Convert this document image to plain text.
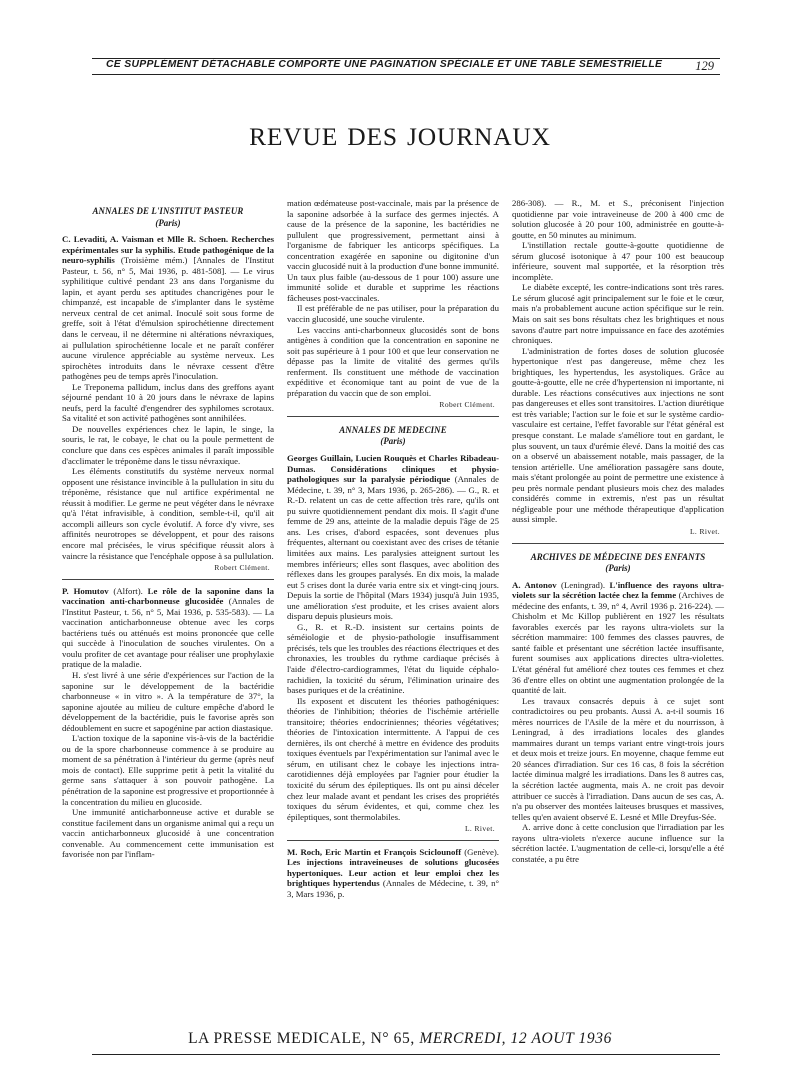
CE SUPPLÉMENT DÉTACHABLE COMPORTE UNE PAGINATION SPÉCIALE ET UNE TABLE SEMESTRIELLE	129
REVUE DES JOURNAUX
ANNALES DE L'INSTITUT PASTEUR
(Paris)

C. Levaditi, A. Vaisman et Mlle R. Schoen. Recherches expérimentales sur la syphilis. Etude pathogénique de la neuro-syphilis (Troisième mém.) [Annales de l'Institut Pasteur, t. 56, n° 5, Mai 1936, p. 481-508]. — Le virus syphilitique cultivé pendant 23 ans dans l'organisme du lapin, et ayant perdu ses aptitudes chancrigènes pour le chimpanzé, est incapable de s'implanter dans le système nerveux central de cet animal. Inoculé soit sous forme de greffe, soit à l'état d'émulsion spirochétienne directement dans le cerveau, il ne détermine ni altérations névraxiques, ai pullulation spirochétienne locale et ne paraît conférer aucune virulence appréciable au système nerveux. Les spirochètes introduits dans le névraxe cessent d'être pathogènes peu de temps après l'inoculation.

Le Treponema pallidum, inclus dans des greffons ayant séjourné pendant 10 à 20 jours dans le névraxe de lapins neufs, perd la faculté d'engendrer des syphilomes scrotaux. Sa vitalité et son activité pathogènes sont annihilées.

De nouvelles expériences chez le lapin, le singe, la souris, le rat, le cobaye, le chat ou la poule permettent de conclure que dans ces espèces animales il paraît impossible d'acclimater le tréponème dans le tissu névraxique.

Les éléments constitutifs du système nerveux normal opposent une résistance invincible à la pullulation in situ du tréponème, résistance que nul artifice expérimental ne réussit à modifier. Le germe ne peut végéter dans le névraxe qu'à l'état infravisible, à condition, semble-t-il, qu'il ait accompli ailleurs son cycle évolutif. A force d'y vivre, ses affinités neurotropes se développent, et pour des raisons encore mal précisées, le virus spécifique réussit alors à vaincre la résistance que l'encéphale oppose à sa pullulation.

Robert Clément.

P. Homutov (Alfort). Le rôle de la saponine dans la vaccination anti-charbonneuse glucosidée (Annales de l'Institut Pasteur, t. 56, n° 5, Mai 1936, p. 535-583). — La vaccination anticharbonneuse obtenue avec les corps bactériens tués ou atténués est moins prononcée que celle qui succède à l'inoculation de souches virulentes. On a voulu profiter de cet avantage pour réaliser une prophylaxie pratique de la maladie.

H. s'est livré à une série d'expériences sur l'action de la saponine sur le développement de la bactéridie charbonneuse « in vitro ». A la température de 37°, la saponine ajoutée au milieu de culture empêche d'abord le développement de la bactéridie, puis le favorise après son dédoublement en sucre et sapogénine par action diastasique.

L'action toxique de la saponine vis-à-vis de la bactéridie ou de la spore charbonneuse commence à se produire au moment de sa pénétration à l'intérieur du germe (après neuf mois de contact). Elle supprime petit à petit la vitalité du germe sans s'attaquer à son pouvoir pathogène. La pénétration de la saponine est progressive et proportionnée à la concentration du milieu en glucoside.

Une immunité anticharbonneuse active et durable se constitue facilement dans un organisme animal qui a reçu un vaccin anticharbonneux glucosidé à une concentration convenable. Au commencement cette immunisation est favorisée non par l'inflam-

mation œdémateuse post-vaccinale, mais par la présence de la saponine adsorbée à la surface des germes injectés. A cause de la présence de la saponine, les bactéridies ne pullulent que progressivement, permettant ainsi à l'organisme de fabriquer les anticorps spécifiques. La concentration exagérée en saponine ou digitonine d'un vaccin glucosidé nuit à la production d'une bonne immunité. Un taux plus faible (au-dessous de 1 pour 100) assure une immunité solide et durable et supprime les réactions fâcheuses post-vaccinales.

Il est préférable de ne pas utiliser, pour la préparation du vaccin glucosidé, une souche virulente.

Les vaccins anti-charbonneux glucosidés sont de bons antigènes à condition que la concentration en saponine ne soit pas supérieure à 1 pour 100 et que leur conservation ne dépasse pas la limite de vitalité des germes qu'ils renferment. Ils constituent une méthode de vaccination expéditive et économique tant au point de vue de la préparation du vaccin que de son emploi.

Robert Clément.
ANNALES DE MEDECINE
(Paris)

Georges Guillain, Lucien Rouquès et Charles Ribadeau-Dumas. Considérations cliniques et physio-pathologiques sur la paralysie périodique (Annales de Médecine, t. 39, n° 3, Mars 1936, p. 265-286). — G., R. et R.-D. relatent un cas de cette affection très rare, qu'ils ont pu suivre quotidiennement pendant dix mois. Il s'agit d'une femme de 29 ans, atteinte de la maladie depuis l'âge de 25 ans. Les crises, d'abord espacées, sont devenues plus fréquentes, alternant ou coexistant avec des crises de tétanie limitées aux mains. Les paralysies atteignent surtout les membres inférieurs; elles sont flasques, avec abolition des réflexes dans les groupes paralysés. En dix mois, la malade eut 5 crises dont la durée varia entre six et vingt-cinq jours. Depuis la sortie de l'hôpital (Mars 1934) jusqu'à Juin 1935, une amélioration s'est produite, et les crises avaient alors disparu depuis plusieurs mois.

G., R. et R.-D. insistent sur certains points de séméiologie et de physio-pathologie insuffisamment précisés, tels que les troubles des réactions électriques et des chronaxies, les troubles du rythme cardiaque précisés à l'aide d'électro-cardiogrammes, l'état du liquide céphalo-rachidien, la toxicité du sérum, l'élimination urinaire des bases puriques et de la créatinine.

Ils exposent et discutent les théories pathogéniques: théories de l'inhibition; théories de l'ischémie artérielle transitoire; théories endocriniennes; théories végétatives; théories de l'intoxication intermittente. A l'appui de ces dernières, ils ont cherché à mettre en évidence des produits toxiques éventuels par l'expérimentation sur l'animal avec le sérum, en utilisant chez le cobaye les injections intra-carotidiennes déjà employées par l'agnier pour étudier la toxicité du sérum des épileptiques. Ils ont pu ainsi déceler chez leur malade avant et pendant les crises des propriétés toxiques du sérum évidentes, et qui, comme chez les épileptiques, sont thermolabiles.

L. Rivet.

M. Roch, Eric Martin et François Sciclounoff (Genève). Les injections intraveineuses de solutions glucosées hypertoniques. Leur action et leur emploi chez les brightiques hypertendus (Annales de Médecine, t. 39, n° 3, Mars 1936, p.

286-308). — R., M. et S., préconisent l'injection quotidienne par voie intraveineuse de 200 à 400 cmc de solution glucosée à 20 pour 100, administrée en goutte-à-goutte, en 50 minutes au minimum.

L'instillation rectale goutte-à-goutte quotidienne de sérum glucosé isotonique à 47 pour 100 est beaucoup inférieure, souvent mal supportée, et la résorption très incomplète.

Le diabète excepté, les contre-indications sont très rares. Le sérum glucosé agit principalement sur le foie et le cœur, mais n'a probablement aucune action spécifique sur le rein. Mais on sait ses bons résultats chez les brightiques et nous savons d'autre part notre impuissance en face des azotémies chroniques.

L'administration de fortes doses de solution glucosée hypertonique n'est pas dangereuse, même chez les brightiques, les hypertendus, les asystoliques. Grâce au goutte-à-goutte, elle ne crée d'hypertension ni importante, ni durable. Les réactions consécutives aux injections ne sont pas dangereuses et elles sont transitoires. L'action diurétique est très variable; l'action sur le foie et sur le système cardio-vasculaire est certaine, l'effet favorable sur l'état général est presque constant. Le malade s'améliore tout en gardant, le plus souvent, un taux d'urémie élevé. Dans la moitié des cas on a observé un abaissement notable, mais passager, de la tension artérielle. Une amélioration passagère sans doute, mais s'étant prolongée au point de permettre une existence à peu près normale pendant plusieurs mois chez des malades considérés comme in extremis, n'est pas un résultat négligeable pour une méthode thérapeutique d'application aussi simple.

L. Rivet.
ARCHIVES DE MÉDECINE DES ENFANTS
(Paris)

A. Antonov (Leningrad). L'influence des rayons ultra-violets sur la sécrétion lactée chez la femme (Archives de médecine des enfants, t. 39, n° 4, Avril 1936 p. 216-224). — Chisholm et Mc Killop publièrent en 1927 les résultats favorables exercés par les rayons ultra-violets sur la sécrétion mammaire: 100 femmes des classes pauvres, de santé faible et présentant une sécrétion lactée insuffisante, furent soumises aux applications directes ultra-violettes. L'état général fut amélioré chez toutes ces femmes et chez 36 d'entre elles on obtint une augmentation prolongée de la quantité de lait.

Les travaux consacrés depuis à ce sujet sont contradictoires ou peu probants. Aussi A. a-t-il soumis 16 mères nourrices de l'Asile de la mère et du nourrisson, à Leningrad, à des irradiations locales des glandes mammaires durant un temps variant entre vingt-trois jours et deux mois et treize jours. En moyenne, chaque femme eut 20 séances d'irradiation. Sur ces 16 cas, 8 fois la sécrétion lactée diminua malgré les irradiations. Dans les 8 autres cas, la sécrétion lactée augmenta, mais A. ne croit pas devoir attribuer ce succès à l'irradiation. Dans aucun de ses cas, A. n'a pu observer des montées laiteuses brusques et massives, telles qu'en avaient observé E. Lesné et Mlle Dreyfus-Sée.

A. arrive donc à cette conclusion que l'irradiation par les rayons ultra-violets n'exerce aucune influence sur la sécrétion lactée. L'augmentation de celle-ci, lorsqu'elle a été constatée, a pu être

LA PRESSE MEDICALE, N° 65, MERCREDI, 12 AOUT 1936
